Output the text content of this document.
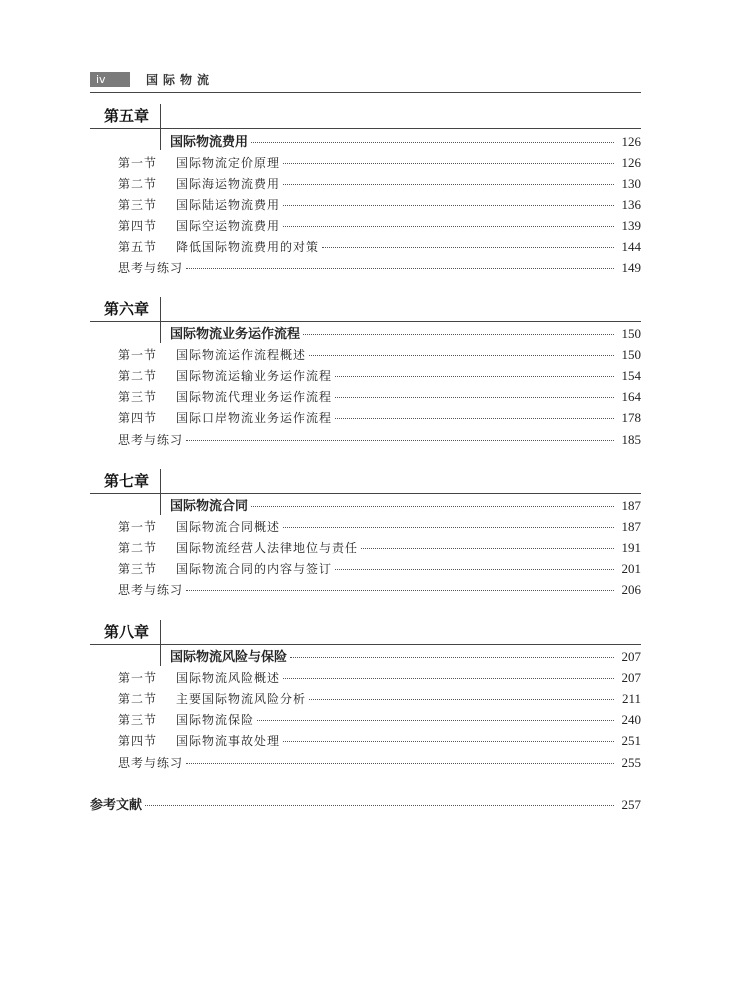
iv	国际物流
第五章
国际物流费用	126
第一节	国际物流定价原理	126
第二节	国际海运物流费用	130
第三节	国际陆运物流费用	136
第四节	国际空运物流费用	139
第五节	降低国际物流费用的对策	144
思考与练习	149
第六章
国际物流业务运作流程	150
第一节	国际物流运作流程概述	150
第二节	国际物流运输业务运作流程	154
第三节	国际物流代理业务运作流程	164
第四节	国际口岸物流业务运作流程	178
思考与练习	185
第七章
国际物流合同	187
第一节	国际物流合同概述	187
第二节	国际物流经营人法律地位与责任	191
第三节	国际物流合同的内容与签订	201
思考与练习	206
第八章
国际物流风险与保险	207
第一节	国际物流风险概述	207
第二节	主要国际物流风险分析	211
第三节	国际物流保险	240
第四节	国际物流事故处理	251
思考与练习	255
参考文献	257
